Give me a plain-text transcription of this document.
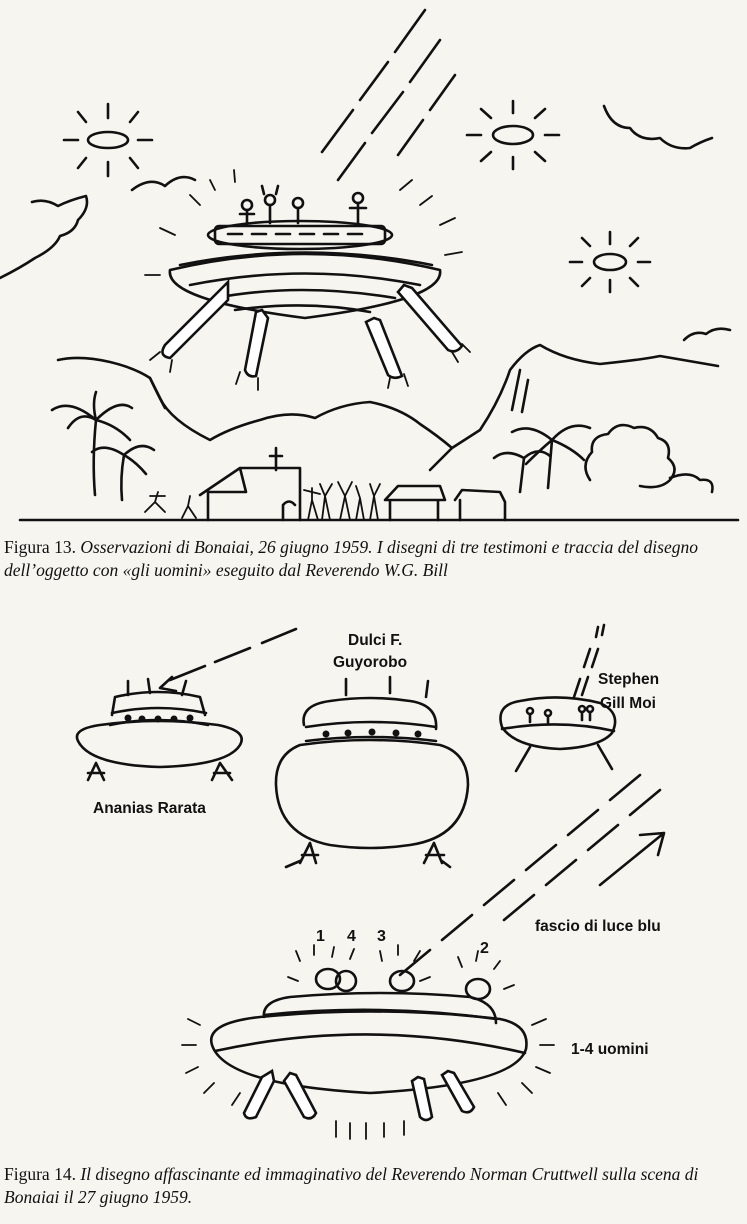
Figura 13. Osservazioni di Bonaiai, 26 giugno 1959. I disegni di tre testimoni e traccia del disegno dell’oggetto con «gli uomini» eseguito dal Reverendo W.G. Bill
Ananias Rarata
Dulci F.
Guyorobo
Stephen
Gill Moi
fascio di luce blu
1 4 3
2
1-4 uomini
Figura 14. Il disegno affascinante ed immaginativo del Reverendo Norman Cruttwell sulla scena di Bonaiai il 27 giugno 1959.
